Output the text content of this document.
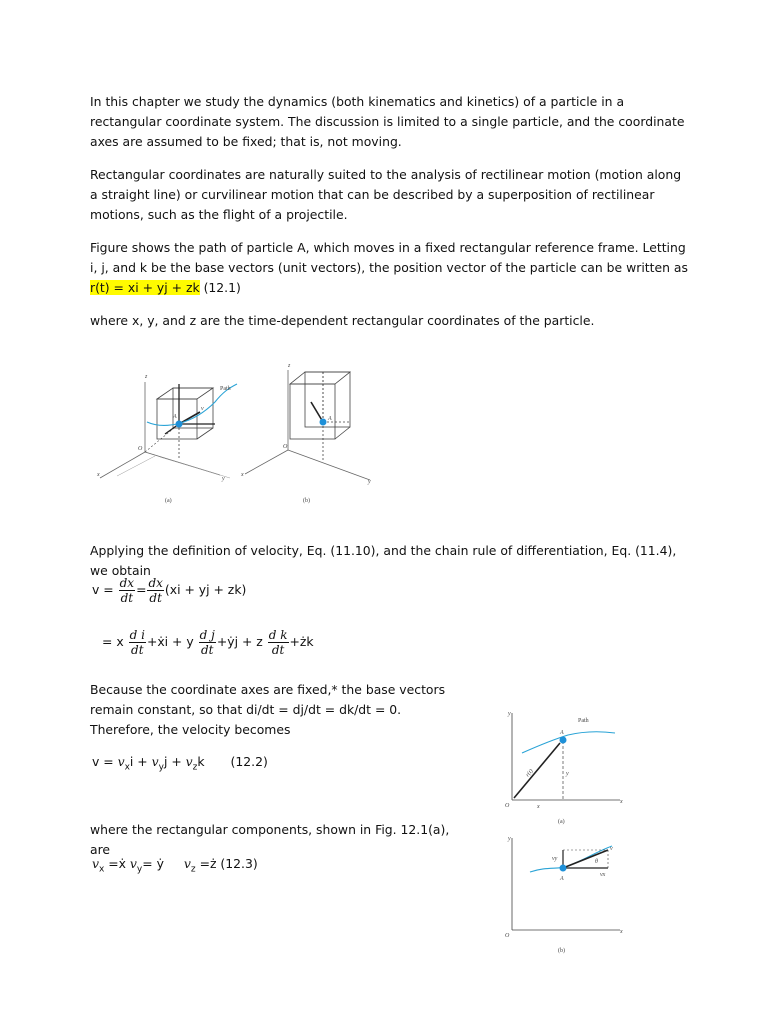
In this chapter we study the dynamics (both kinematics and kinetics) of a particle in a rectangular coordinate system. The discussion is limited to a single particle, and the coordinate axes are assumed to be fixed; that is, not moving.

Rectangular coordinates are naturally suited to the analysis of rectilinear motion (motion along a straight line) or curvilinear motion that can be described by a superposition of rectilinear motions, such as the flight of a projectile.

Figure shows the path of particle A, which moves in a fixed rectangular reference frame. Letting i, j, and k be the base vectors (unit vectors), the position vector of the particle can be written as r(t) = xi + yj + zk (12.1)

where x, y, and z are the time-dependent rectangular coordinates of the particle.

Path
z
x
y
O
A
v
(a)
A
O
x
y
z
(b)

Applying the definition of velocity, Eq. (11.10), and the chain rule of differentiation, Eq. (11.4), we obtain

$v = \frac{dx}{dt} = \frac{dx}{dt} (xi$ + yj + zk)
= x $\frac{\text{d i}}{dt}$ +ẋi + y $\frac{\text{d j}}{dt}$ +ẏj + z $\frac{\text{d k}}{dt}$ +żk

Because the coordinate axes are fixed,* the base vectors remain constant, so that di/dt = dj/dt = dk/dt = 0. Therefore, the velocity becomes

$v = v_xi + v_yj + v_zk$ (12.2)

where the rectangular components, shown in Fig. 12.1(a), are

$v_x$ =ẋ $v_y=$ ẏ $v_z$ =ż (12.3)
Path
A
y
x
O	x
y
r(t)
(a)
A
v
vy
vx
θ
y
x
O
(b)
